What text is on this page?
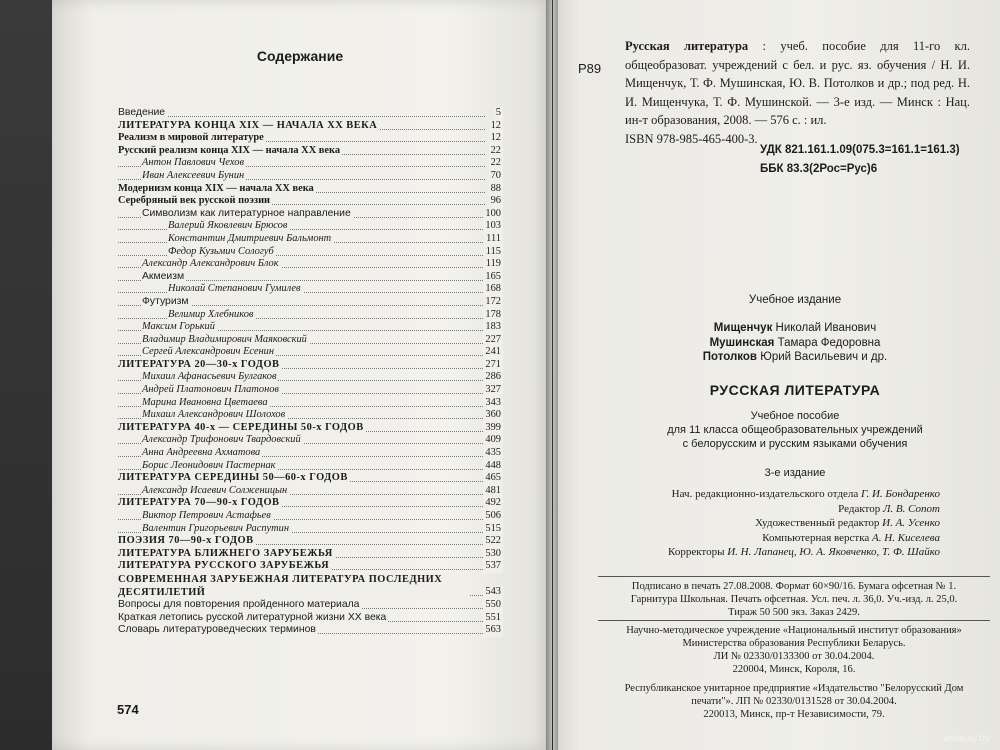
Содержание
Введение	5
ЛИТЕРАТУРА КОНЦА XIX — НАЧАЛА XX ВЕКА	12
Реализм в мировой литературе	12
Русский реализм конца XIX — начала XX века	22
Антон Павлович Чехов	22
Иван Алексеевич Бунин	70
Модернизм конца XIX — начала XX века	88
Серебряный век русской поэзии	96
Символизм как литературное направление	100
Валерий Яковлевич Брюсов	103
Константин Дмитриевич Бальмонт	111
Федор Кузьмич Сологуб	115
Александр Александрович Блок	119
Акмеизм	165
Николай Степанович Гумилев	168
Футуризм	172
Велимир Хлебников	178
Максим Горький	183
Владимир Владимирович Маяковский	227
Сергей Александрович Есенин	241
ЛИТЕРАТУРА 20—30-х ГОДОВ	271
Михаил Афанасьевич Булгаков	286
Андрей Платонович Платонов	327
Марина Ивановна Цветаева	343
Михаил Александрович Шолохов	360
ЛИТЕРАТУРА 40-х — СЕРЕДИНЫ 50-х ГОДОВ	399
Александр Трифонович Твардовский	409
Анна Андреевна Ахматова	435
Борис Леонидович Пастернак	448
ЛИТЕРАТУРА СЕРЕДИНЫ 50—60-х ГОДОВ	465
Александр Исаевич Солженицын	481
ЛИТЕРАТУРА 70—90-х ГОДОВ	492
Виктор Петрович Астафьев	506
Валентин Григорьевич Распутин	515
ПОЭЗИЯ 70—90-х ГОДОВ	522
ЛИТЕРАТУРА БЛИЖНЕГО ЗАРУБЕЖЬЯ	530
ЛИТЕРАТУРА РУССКОГО ЗАРУБЕЖЬЯ	537
СОВРЕМЕННАЯ ЗАРУБЕЖНАЯ ЛИТЕРАТУРА ПОСЛЕДНИХ ДЕСЯТИЛЕТИЙ	543
Вопросы для повторения пройденного материала	550
Краткая летопись русской литературной жизни XX века	551
Словарь литературоведческих терминов	563
574
Р89
Русская литература : учеб. пособие для 11-го кл. общеобразоват. учреждений с бел. и рус. яз. обучения / Н. И. Мищенчук, Т. Ф. Мушинская, Ю. В. Потолков и др.; под ред. Н. И. Мищенчука, Т. Ф. Мушинской. — 3-е изд. — Минск : Нац. ин-т образования, 2008. — 576 с. : ил.
ISBN 978-985-465-400-3.
УДК 821.161.1.09(075.3=161.1=161.3)
ББК 83.3(2Рос=Рус)6
Учебное издание
Мищенчук Николай Иванович
Мушинская Тамара Федоровна
Потолков Юрий Васильевич и др.
РУССКАЯ ЛИТЕРАТУРА
Учебное пособие
для 11 класса общеобразовательных учреждений
с белорусским и русским языками обучения
3-е издание
Нач. редакционно-издательского отдела Г. И. Бондаренко
Редактор Л. В. Сопот
Художественный редактор И. А. Усенко
Компьютерная верстка А. Н. Киселева
Корректоры И. Н. Лапанец, Ю. А. Яковченко, Т. Ф. Шайко
Подписано в печать 27.08.2008. Формат 60×90/16. Бумага офсетная № 1.
Гарнитура Школьная. Печать офсетная. Усл. печ. л. 36,0. Уч.-изд. л. 25,0.
Тираж 50 500 экз. Заказ 2429.
Научно-методическое учреждение «Национальный институт образования»
Министерства образования Республики Беларусь.
ЛИ № 02330/0133300 от 30.04.2004.
220004, Минск, Короля, 16.
Республиканское унитарное предприятие «Издательство "Белорусский Дом
печати"». ЛП № 02330/0131528 от 30.04.2004.
220013, Минск, пр-т Независимости, 79.
www.ay.by
